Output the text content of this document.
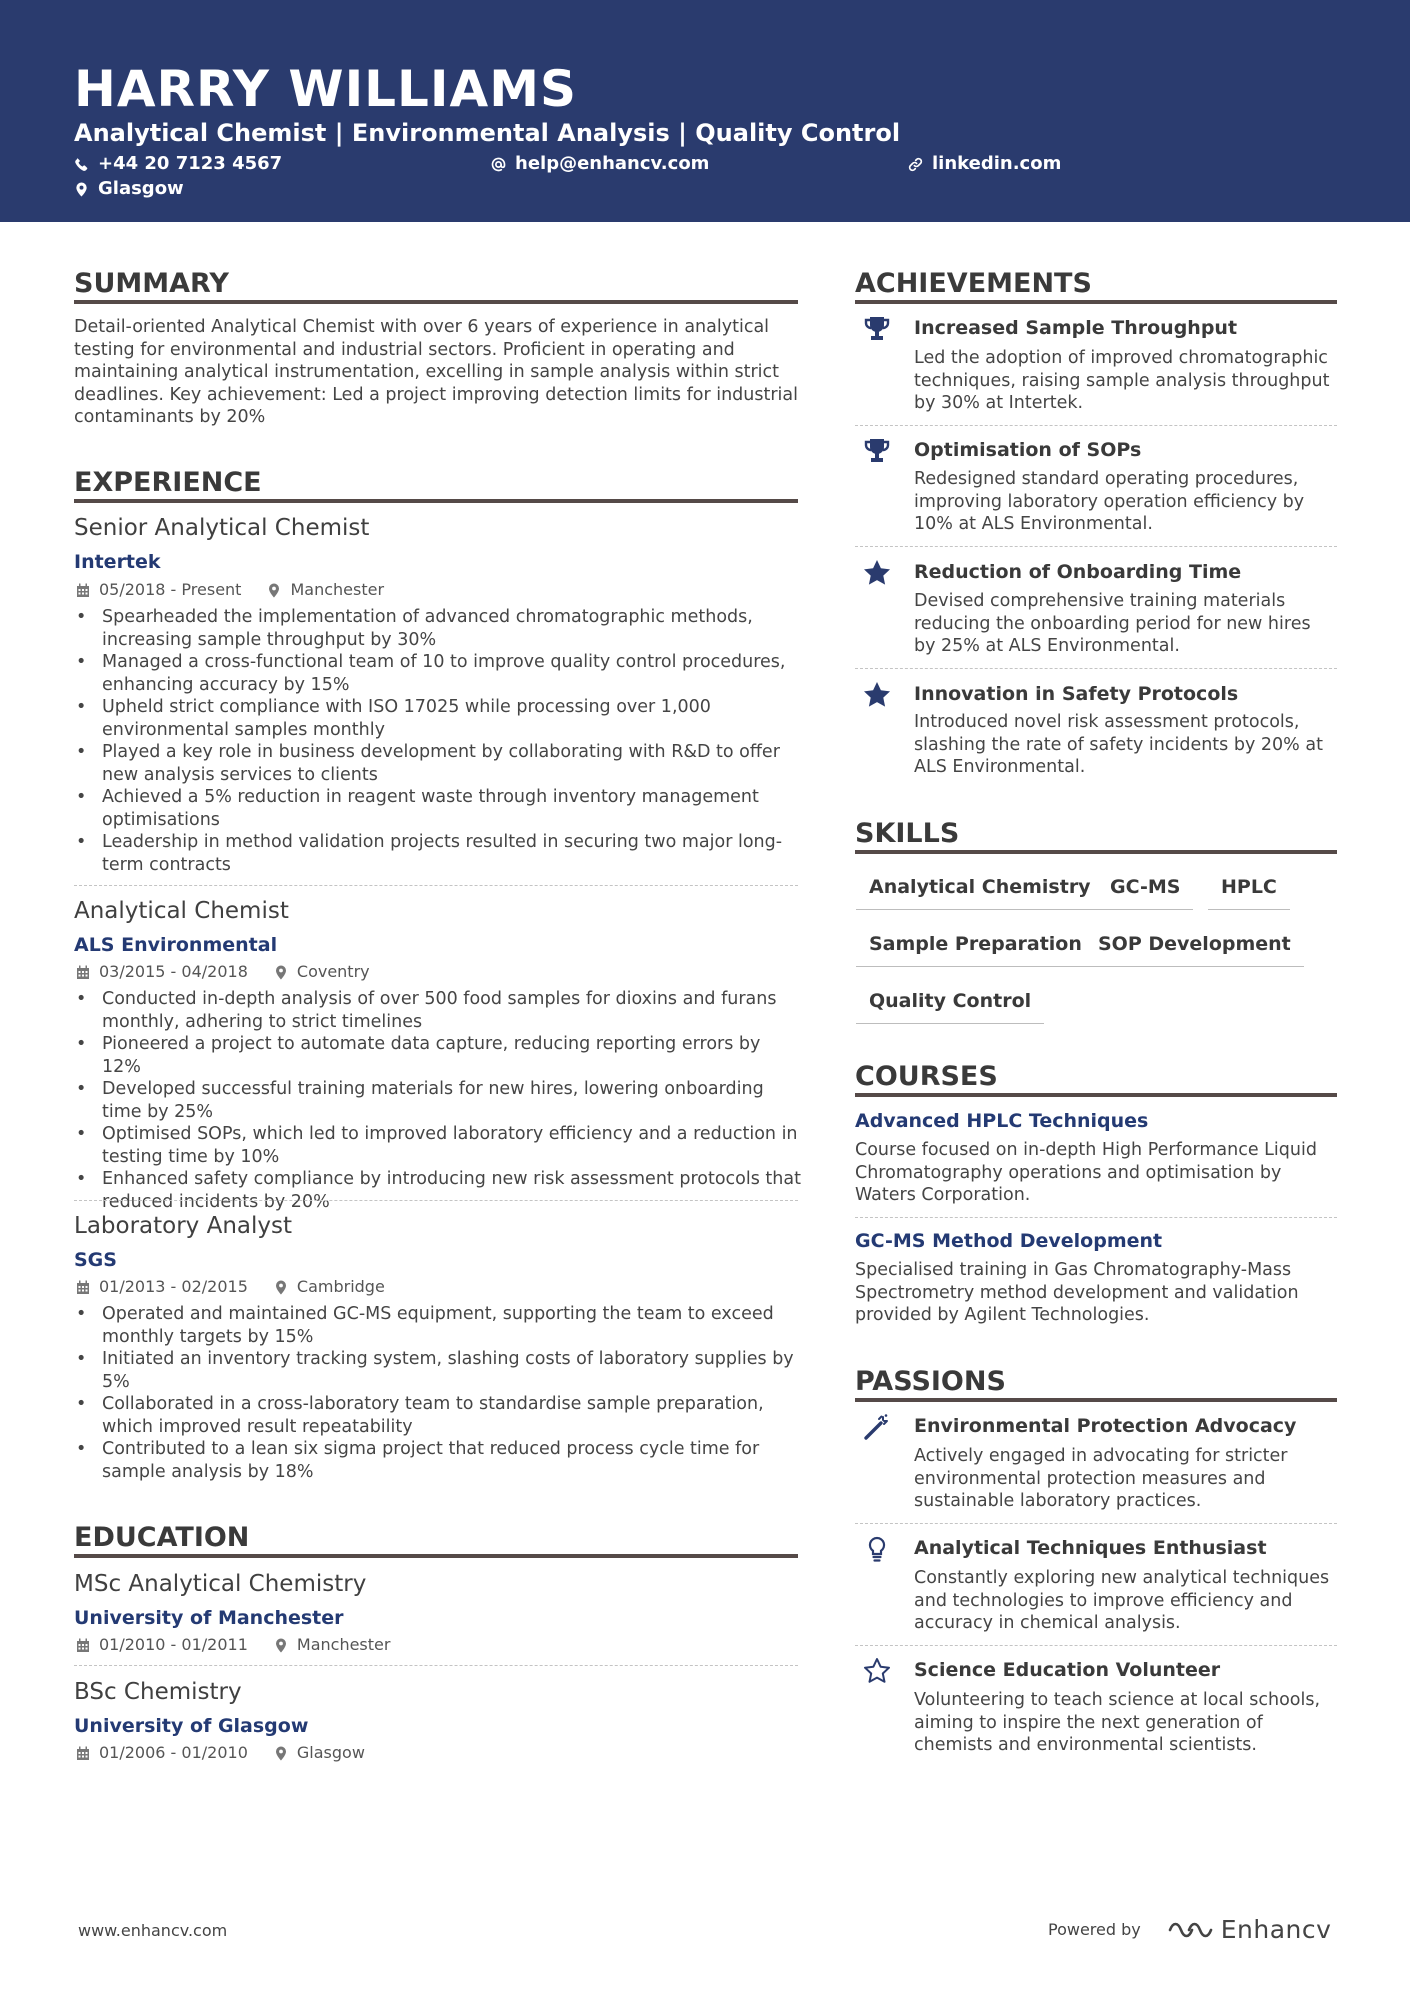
HARRY WILLIAMS
Analytical Chemist | Environmental Analysis | Quality Control
+44 20 7123 4567	help@enhancv.com	linkedin.com
Glasgow
SUMMARY
Detail-oriented Analytical Chemist with over 6 years of experience in analytical testing for environmental and industrial sectors. Proficient in operating and maintaining analytical instrumentation, excelling in sample analysis within strict deadlines. Key achievement: Led a project improving detection limits for industrial contaminants by 20%
EXPERIENCE
Senior Analytical Chemist
Intertek
05/2018 - Present	Manchester
• Spearheaded the implementation of advanced chromatographic methods, increasing sample throughput by 30%
• Managed a cross-functional team of 10 to improve quality control procedures, enhancing accuracy by 15%
• Upheld strict compliance with ISO 17025 while processing over 1,000 environmental samples monthly
• Played a key role in business development by collaborating with R&D to offer new analysis services to clients
• Achieved a 5% reduction in reagent waste through inventory management optimisations
• Leadership in method validation projects resulted in securing two major long-term contracts
Analytical Chemist
ALS Environmental
03/2015 - 04/2018	Coventry
• Conducted in-depth analysis of over 500 food samples for dioxins and furans monthly, adhering to strict timelines
• Pioneered a project to automate data capture, reducing reporting errors by 12%
• Developed successful training materials for new hires, lowering onboarding time by 25%
• Optimised SOPs, which led to improved laboratory efficiency and a reduction in testing time by 10%
• Enhanced safety compliance by introducing new risk assessment protocols that reduced incidents by 20%
Laboratory Analyst
SGS
01/2013 - 02/2015	Cambridge
• Operated and maintained GC-MS equipment, supporting the team to exceed monthly targets by 15%
• Initiated an inventory tracking system, slashing costs of laboratory supplies by 5%
• Collaborated in a cross-laboratory team to standardise sample preparation, which improved result repeatability
• Contributed to a lean six sigma project that reduced process cycle time for sample analysis by 18%
EDUCATION
MSc Analytical Chemistry
University of Manchester
01/2010 - 01/2011	Manchester
BSc Chemistry
University of Glasgow
01/2006 - 01/2010	Glasgow
ACHIEVEMENTS
Increased Sample Throughput
Led the adoption of improved chromatographic techniques, raising sample analysis throughput by 30% at Intertek.
Optimisation of SOPs
Redesigned standard operating procedures, improving laboratory operation efficiency by 10% at ALS Environmental.
Reduction of Onboarding Time
Devised comprehensive training materials reducing the onboarding period for new hires by 25% at ALS Environmental.
Innovation in Safety Protocols
Introduced novel risk assessment protocols, slashing the rate of safety incidents by 20% at ALS Environmental.
SKILLS
Analytical Chemistry	GC-MS	HPLC
Sample Preparation SOP Development
Quality Control
COURSES
Advanced HPLC Techniques
Course focused on in-depth High Performance Liquid Chromatography operations and optimisation by Waters Corporation.
GC-MS Method Development
Specialised training in Gas Chromatography-Mass Spectrometry method development and validation provided by Agilent Technologies.
PASSIONS
Environmental Protection Advocacy
Actively engaged in advocating for stricter environmental protection measures and sustainable laboratory practices.
Analytical Techniques Enthusiast
Constantly exploring new analytical techniques and technologies to improve efficiency and accuracy in chemical analysis.
Science Education Volunteer
Volunteering to teach science at local schools, aiming to inspire the next generation of chemists and environmental scientists.
www.enhancv.com	Powered by	Enhancv
